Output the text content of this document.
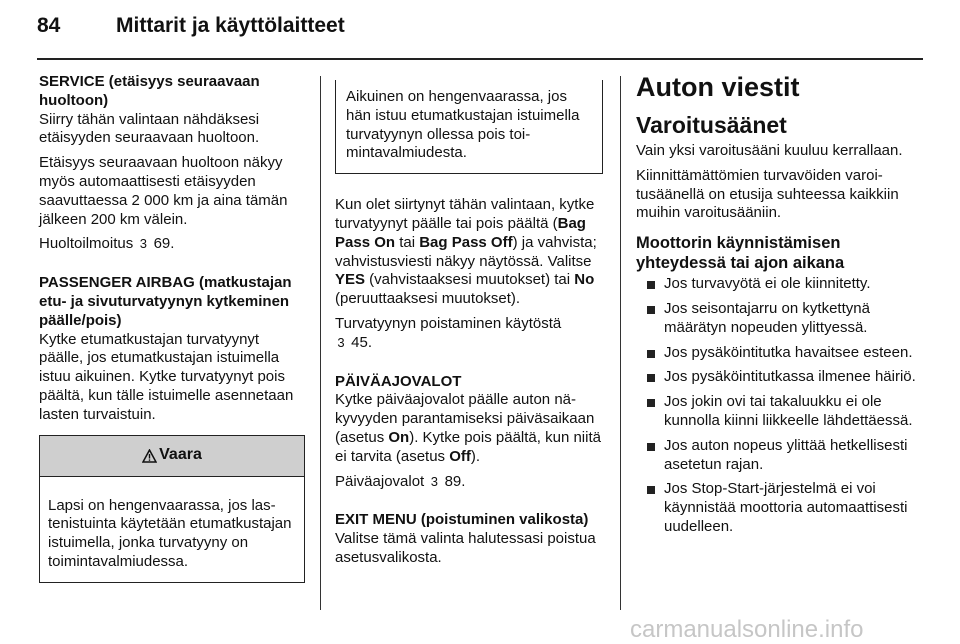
84	Mittarit ja käyttölaitteet

SERVICE (etäisyys seuraavaan huoltoon)

Siirry tähän valintaan nähdäksesi etäisyyden seuraavaan huoltoon.

Etäisyys seuraavaan huoltoon näkyy myös automaattisesti etäisyyden saavuttaessa 2 000 km ja aina tämän jälkeen 200 km välein.

Huoltoilmoitus 3 69.

PASSENGER AIRBAG (matkustajan etu- ja sivuturvatyynyn kytkeminen päälle/pois)

Kytke etumatkustajan turvatyynyt päälle, jos etumatkustajan istuimella istuu aikuinen. Kytke turvatyynyt pois päältä, kun tälle istuimelle asennetaan lasten turvaistuin.

Vaara
Lapsi on hengenvaarassa, jos lastenistuinta käytetään etumatkustajan istuimella, jonka turvatyyny on toimintavalmiudessa.
Aikuinen on hengenvaarassa, jos hän istuu etumatkustajan istuimella turvatyynyn ollessa pois toimintavalmiudesta.

Kun olet siirtynyt tähän valintaan, kytke turvatyynyt päälle tai pois päältä (Bag Pass On tai Bag Pass Off) ja vahvista; vahvistusviesti näkyy näytössä. Valitse YES (vahvistaaksesi muutokset) tai No (peruuttaaksesi muutokset).

Turvatyynyn poistaminen käytöstä
3 45.

PÄIVÄAJOVALOT

Kytke päiväajovalot päälle auton näkyvyyden parantamiseksi päiväsaikaan (asetus On). Kytke pois päältä, kun niitä ei tarvita (asetus Off).

Päiväajovalot 3 89.

EXIT MENU (poistuminen valikosta)

Valitse tämä valinta halutessasi poistua asetusvalikosta.

Auton viestit
Varoitusäänet

Vain yksi varoitusääni kuuluu kerrallaan.

Kiinnittämättömien turvavöiden varoitusäänellä on etusija suhteessa kaikkiin muihin varoitusääniin.

Moottorin käynnistämisen yhteydessä tai ajon aikana
Jos turvavyötä ei ole kiinnitetty.
Jos seisontajarru on kytkettynä määrätyn nopeuden ylittyessä.
Jos pysäköintitutka havaitsee esteen.
Jos pysäköintitutkassa ilmenee häiriö.
Jos jokin ovi tai takaluukku ei ole kunnolla kiinni liikkeelle lähdettäessä.
Jos auton nopeus ylittää hetkellisesti asetetun rajan.
Jos Stop-Start-järjestelmä ei voi käynnistää moottoria automaattisesti uudelleen.
carmanualsonline.info
